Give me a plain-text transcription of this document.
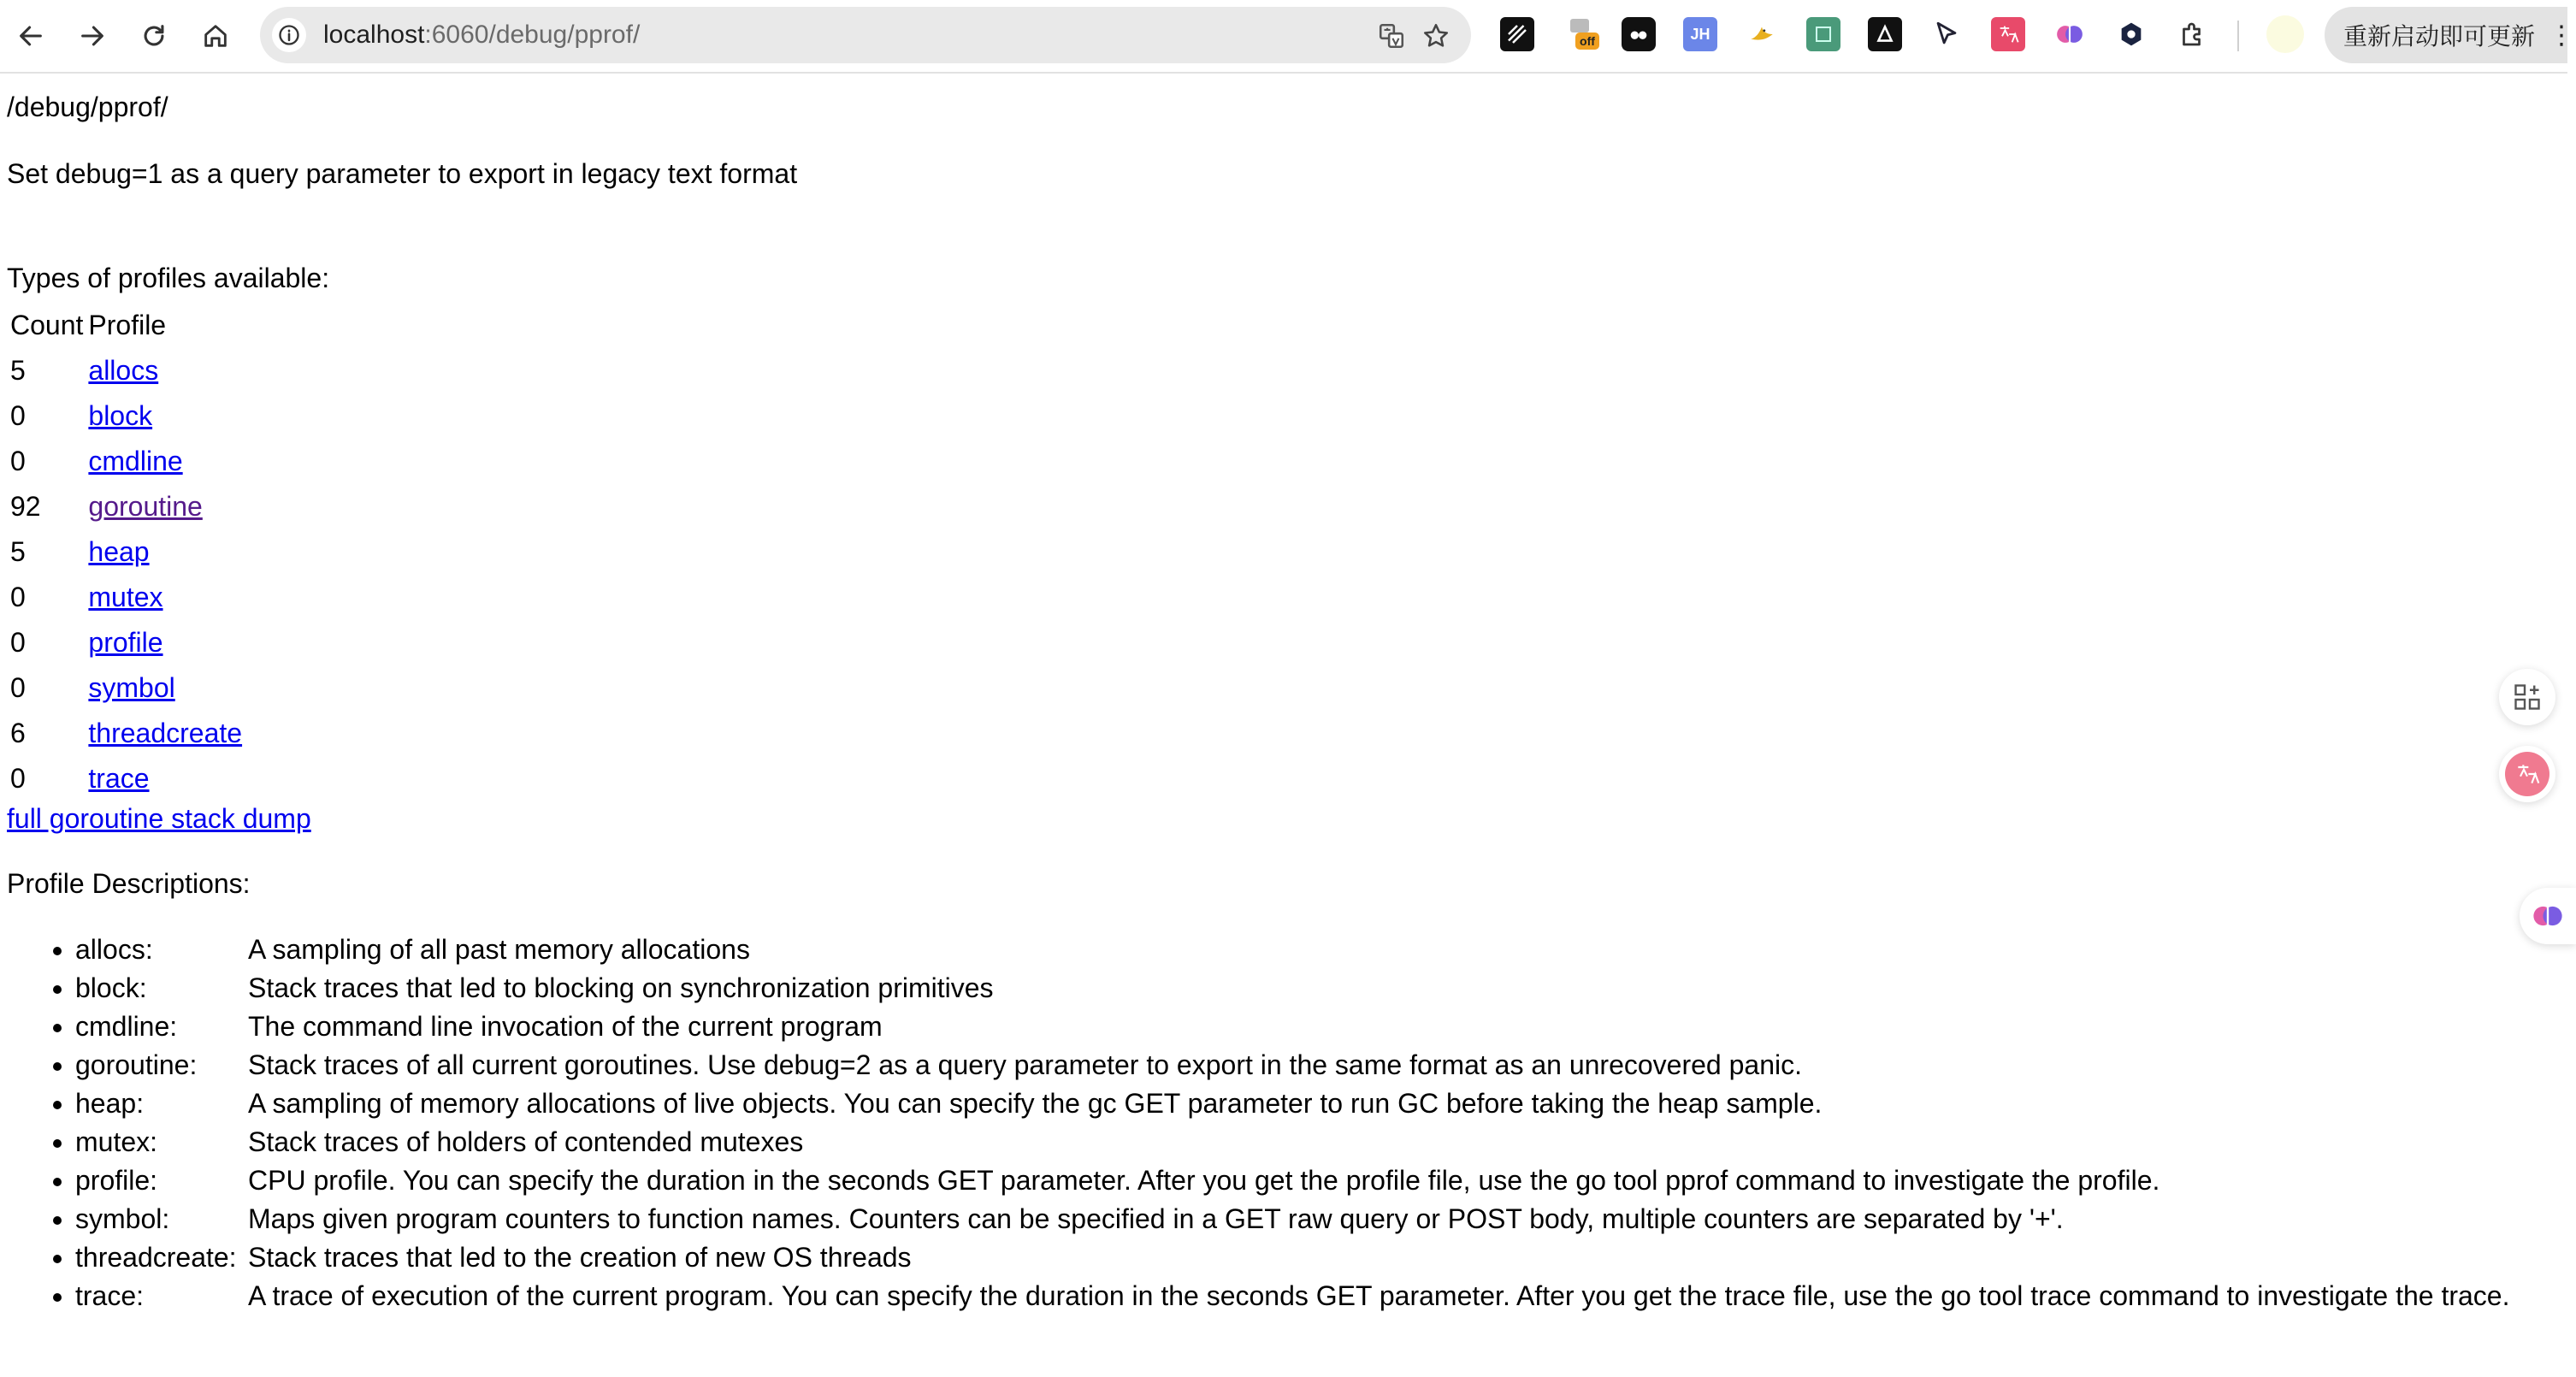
localhost:6060/debug/pprof/	off	JH	重新启动即可更新 ⋮
/debug/pprof/
Set debug=1 as a query parameter to export in legacy text format
Types of profiles available:
Count	Profile
5	allocs
0	block
0	cmdline
92	goroutine
5	heap
0	mutex
0	profile
0	symbol
6	threadcreate
0	trace
full goroutine stack dump
Profile Descriptions:
• allocs:	A sampling of all past memory allocations
• block:	Stack traces that led to blocking on synchronization primitives
• cmdline:	The command line invocation of the current program
• goroutine: Stack traces of all current goroutines. Use debug=2 as a query parameter to export in the same format as an unrecovered panic.
• heap:	A sampling of memory allocations of live objects. You can specify the gc GET parameter to run GC before taking the heap sample.
• mutex:	Stack traces of holders of contended mutexes
• profile:	CPU profile. You can specify the duration in the seconds GET parameter. After you get the profile file, use the go tool pprof command to investigate the profile.
• symbol:	Maps given program counters to function names. Counters can be specified in a GET raw query or POST body, multiple counters are separated by '+'.
• threadcreate: Stack traces that led to the creation of new OS threads
• trace:	A trace of execution of the current program. You can specify the duration in the seconds GET parameter. After you get the trace file, use the go tool trace command to investigate the trace.
